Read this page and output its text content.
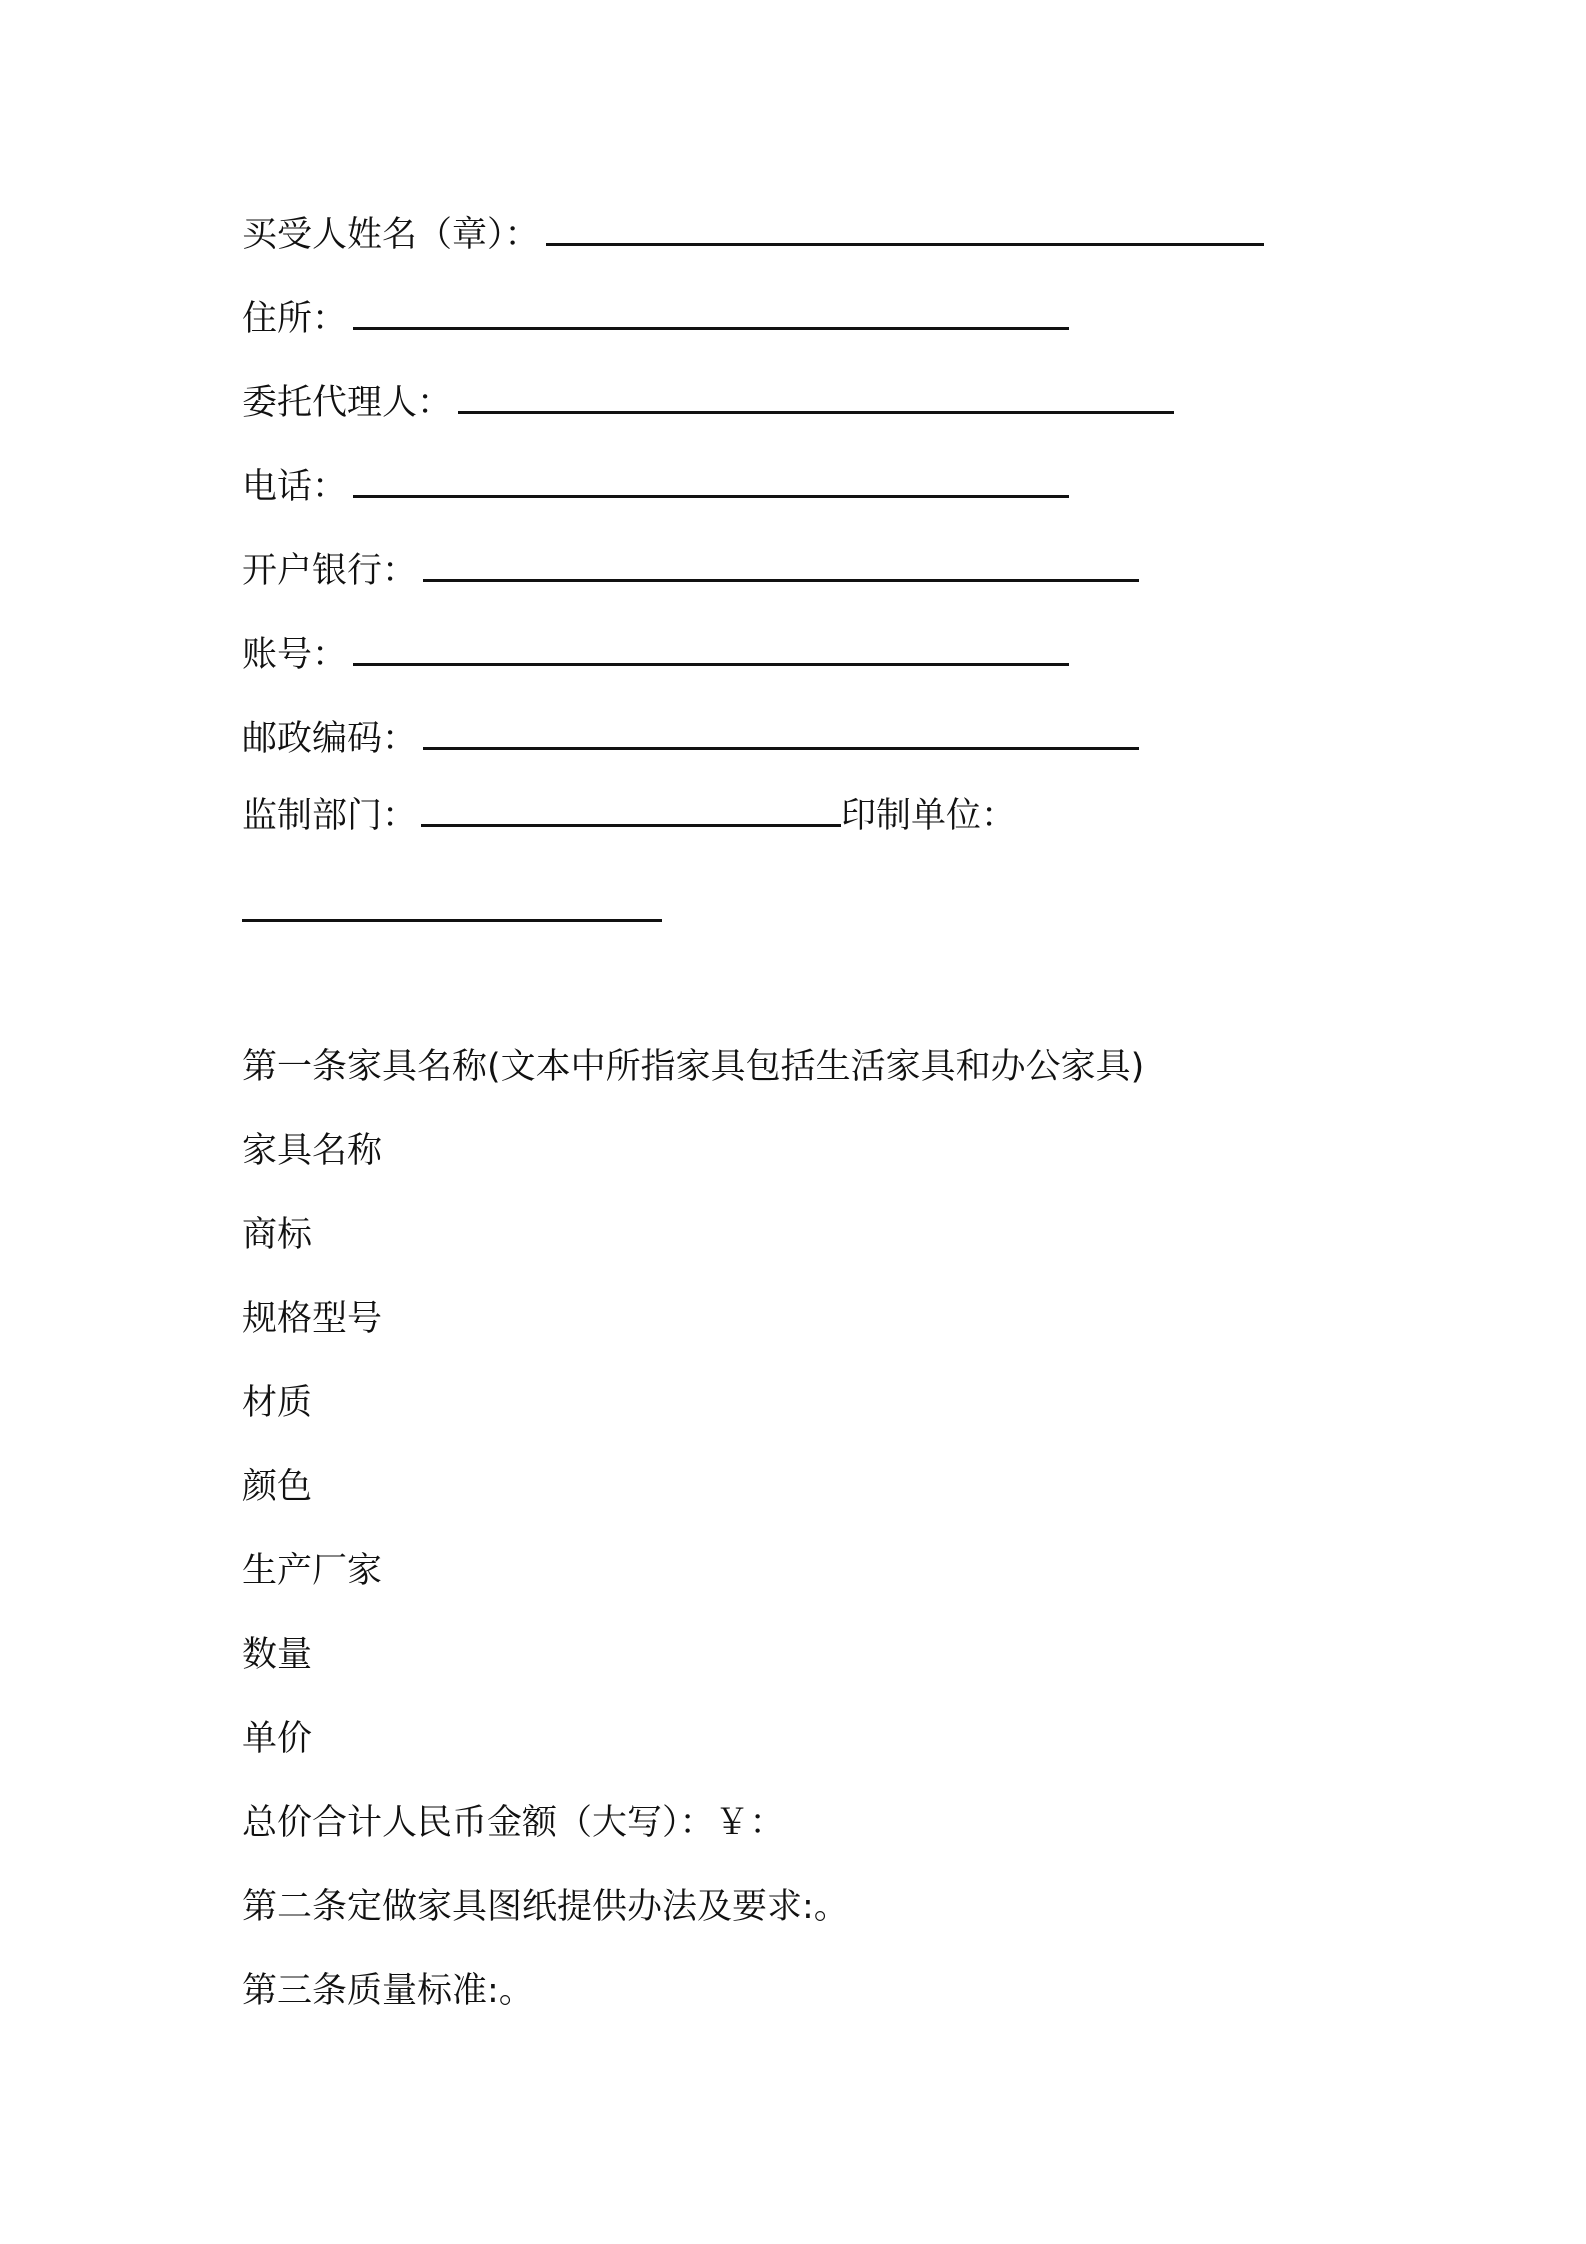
买受人姓名（章）：
住所：
委托代理人：
电话：
开户银行：
账号：
邮政编码：
监制部门：	印制单位：
第一条家具名称(文本中所指家具包括生活家具和办公家具)
家具名称
商标
规格型号
材质
颜色
生产厂家
数量
单价
总价合计人民币金额（大写）：￥：
第二条定做家具图纸提供办法及要求:。
第三条质量标准:。
